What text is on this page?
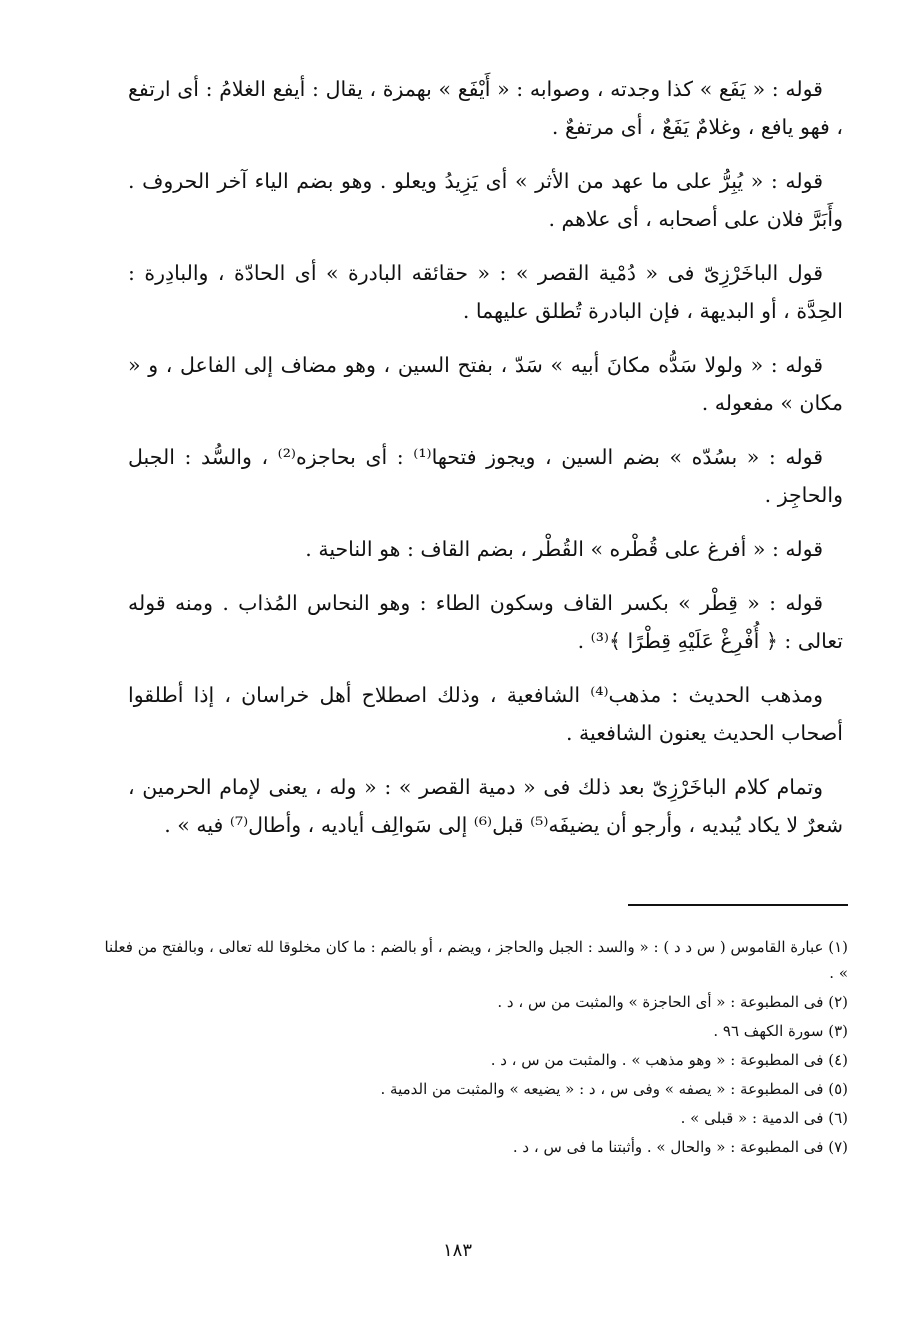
قوله : « يَفَع » كذا وجدته ، وصوابه : « أَيْفَع » بهمزة ، يقال : أيفع الغلامُ : أى ارتفع ، فهو يافع ، وغلامٌ يَفَعٌ ، أى مرتفعٌ .

قوله : « يُبِرُّ على ما عهد من الأثر » أى يَزِيدُ ويعلو . وهو بضم الياء آخر الحروف . وأَبَرَّ فلان على أصحابه ، أى علاهم .

قول الباخَرْزِىّ فى « دُمْية القصر » : « حقائقه البادرة » أى الحادّة ، والبادِرة : الحِدَّة ، أو البديهة ، فإن البادرة تُطلق عليهما .

قوله : « ولولا سَدُّه مكانَ أبيه » سَدّ ، بفتح السين ، وهو مضاف إلى الفاعل ، و « مكان » مفعوله .

قوله : « بسُدّه » بضم السين ، ويجوز فتحها⁽¹⁾ : أى بحاجزه⁽²⁾ ، والسُّد : الجبل والحاجِز .

قوله : « أفرغ على قُطْره » القُطْر ، بضم القاف : هو الناحية .

قوله : « قِطْر » بكسر القاف وسكون الطاء : وهو النحاس المُذاب . ومنه قوله تعالى : ﴿ أُفْرِغْ عَلَيْهِ قِطْرًا ﴾⁽³⁾ .

ومذهب الحديث : مذهب⁽⁴⁾ الشافعية ، وذلك اصطلاح أهل خراسان ، إذا أطلقوا أصحاب الحديث يعنون الشافعية .

وتمام كلام الباخَرْزِىّ بعد ذلك فى « دمية القصر » : « وله ، يعنى لإمام الحرمين ، شعرٌ لا يكاد يُبديه ، وأرجو أن يضيفَه⁽⁵⁾ قبل⁽⁶⁾ إلى سَوالِف أياديه ، وأطال⁽⁷⁾ فيه » .

(١) عبارة القاموس ( س د د ) : « والسد : الجبل والحاجز ، ويضم ، أو بالضم : ما كان مخلوقا لله تعالى ، وبالفتح من فعلنا » .

(٢) فى المطبوعة : « أى الحاجزة » والمثبت من س ، د .

(٣) سورة الكهف ٩٦ .

(٤) فى المطبوعة : « وهو مذهب » . والمثبت من س ، د .

(٥) فى المطبوعة : « يصفه » وفى س ، د : « يضيعه » والمثبت من الدمية .

(٦) فى الدمية : « قبلى » .

(٧) فى المطبوعة : « والحال » . وأثبتنا ما فى س ، د .

١٨٣
